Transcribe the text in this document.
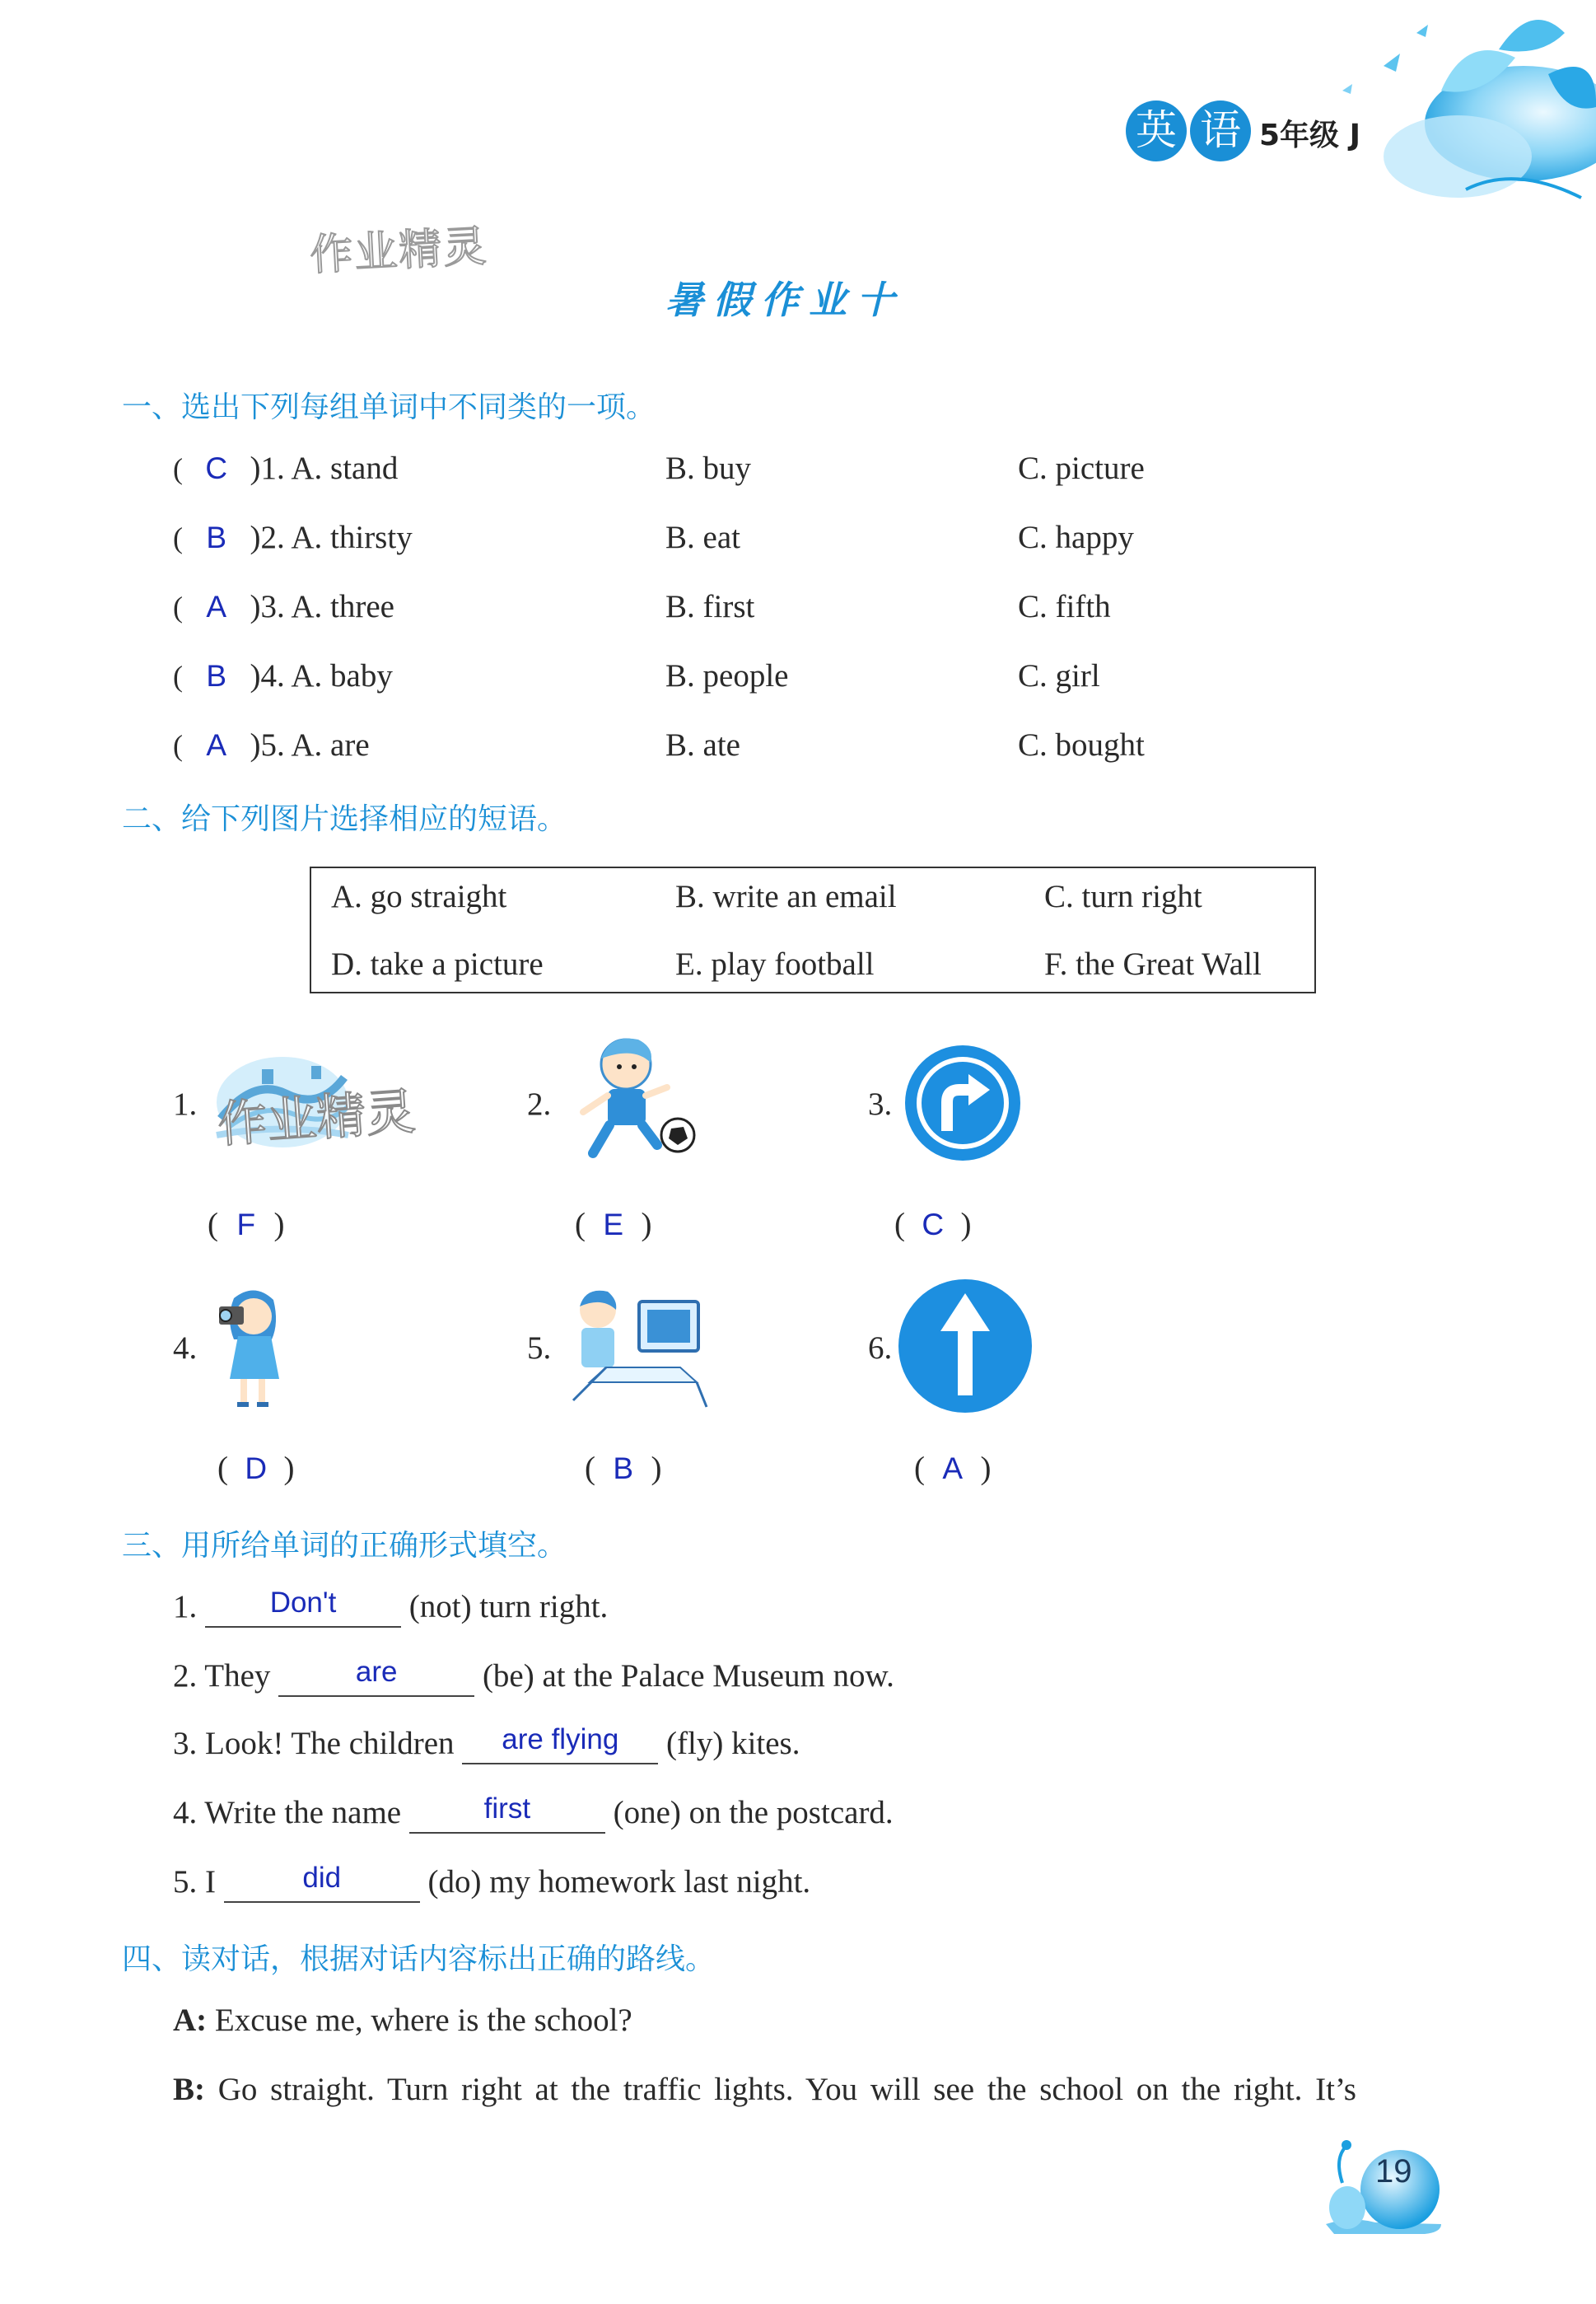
英 语 5年级 J
作业精灵
暑假作业十
一、选出下列每组单词中不同类的一项。
( C )1. A. stand	B. buy	C. picture
( B )2. A. thirsty	B. eat	C. happy
( A )3. A. three	B. first	C. fifth
( B )4. A. baby	B. people	C. girl
( A )5. A. are	B. ate	C. bought
二、给下列图片选择相应的短语。
A. go straight	B. write an email	C. turn right
D. take a picture	E. play football	F. the Great Wall
1. 作业精灵
( F )
2.
( E )
3.
( C )
4.
( D )
5.
( B )
6.
( A )
三、用所给单词的正确形式填空。
1.	Don't (not) turn right.
2. They	are	(be) at the Palace Museum now.
3. Look! The children are flying (fly) kites.
4. Write the name	first	(one) on the postcard.
5. I	did	(do) my homework last night.
四、读对话，根据对话内容标出正确的路线。
A: Excuse me, where is the school?
B: Go straight. Turn right at the traffic lights. You will see the school on the right. It’s
19
